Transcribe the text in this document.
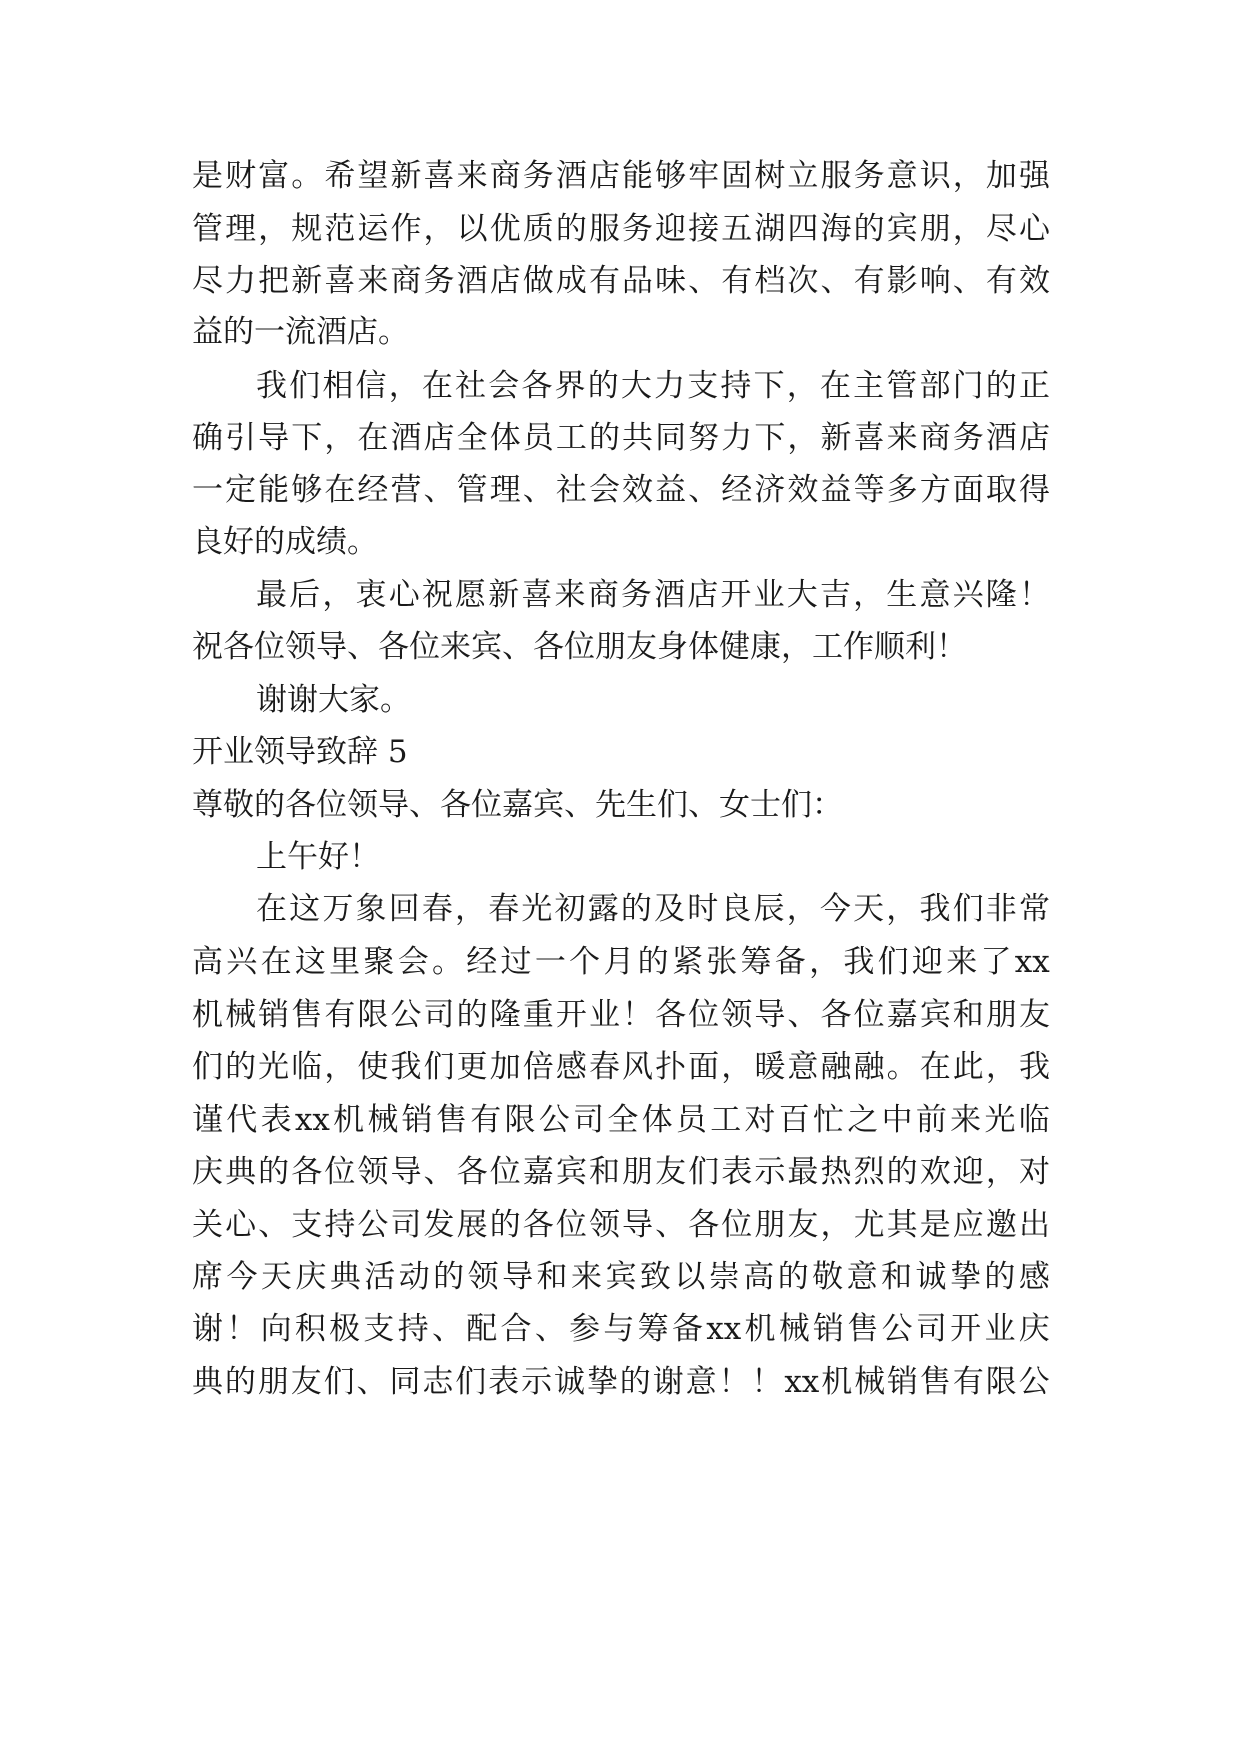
是 财 富 。 希 望 新 喜 来 商 务 酒 店 能 够 牢 固 树 立 服 务 意 识 ， 加 强
管 理 ， 规 范 运 作 ， 以 优 质 的 服 务 迎 接 五 湖 四 海 的 宾 朋 ， 尽 心
尽 力 把 新 喜 来 商 务 酒 店 做 成 有 品 味 、 有 档 次 、 有 影 响 、 有 效
益的一流酒店。
我 们 相 信 ， 在 社 会 各 界 的 大 力 支 持 下 ， 在 主 管 部 门 的 正
确 引 导 下 ， 在 酒 店 全 体 员 工 的 共 同 努 力 下 ， 新 喜 来 商 务 酒 店
一 定 能 够 在 经 营 、 管 理 、 社 会 效 益 、 经 济 效 益 等 多 方 面 取 得
良好的成绩。
最 后 ， 衷 心 祝 愿 新 喜 来 商 务 酒 店 开 业 大 吉 ， 生 意 兴 隆 ！
祝各位领导、各位来宾、各位朋友身体健康，工作顺利！
谢谢大家。
开业领导致辞 5
尊敬的各位领导、各位嘉宾、先生们、女士们：
上午好！
在 这 万 象 回 春 ， 春 光 初 露 的 及 时 良 辰 ， 今 天 ， 我 们 非 常
高 兴 在 这 里 聚 会 。 经 过 一 个 月 的 紧 张 筹 备 ， 我 们 迎 来 了 xx
机 械 销 售 有 限 公 司 的 隆 重 开 业 ！ 各 位 领 导 、 各 位 嘉 宾 和 朋 友
们 的 光 临 ， 使 我 们 更 加 倍 感 春 风 扑 面 ， 暖 意 融 融 。 在 此 ， 我
谨 代 表 xx 机 械 销 售 有 限 公 司 全 体 员 工 对 百 忙 之 中 前 来 光 临
庆 典 的 各 位 领 导 、 各 位 嘉 宾 和 朋 友 们 表 示 最 热 烈 的 欢 迎 ， 对
关 心 、 支 持 公 司 发 展 的 各 位 领 导 、 各 位 朋 友 ， 尤 其 是 应 邀 出
席 今 天 庆 典 活 动 的 领 导 和 来 宾 致 以 崇 高 的 敬 意 和 诚 挚 的 感
谢 ！ 向 积 极 支 持 、 配 合 、 参 与 筹 备 xx 机 械 销 售 公 司 开 业 庆
典 的 朋 友 们 、 同 志 们 表 示 诚 挚 的 谢 意 ！ ！ xx 机 械 销 售 有 限 公
